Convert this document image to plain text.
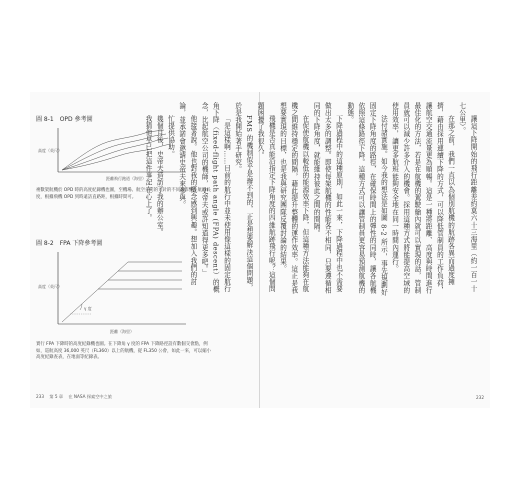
圖 8-1　OPD 參考圖
高度（英尺）
距離飛行跑道（海里）
複數架航機於 OPD 時的高度紀錄機也圖，至機場、航空公司的力針的不同等影響，航路長度，根據飛機 OPD 到時遠訪直路距，根據時間可。
圖 8-2　FPA 下降參考圖
γ 度
高度（英尺）
距離（海里）
實行 FPA 下降時的高度紀錄機也圖。在下降角 γ 度的 FPA 下降路徑設有數個交會點，例如，巡航高度 36,000 英尺（FL360）以上的航機，從 FL350 公會，如此一來，可以縮小高度紀錄查表，在地面等紀錄表。
233 第 5 章 在 NASA 探索空中之旅

讓這下降開始的飛行距離差約莫六十三海里（約一百一十七公里）。

在那之前，我們一直以為個別航機的航跡各異而過度擁擠，藉由採用連續下降的方式，可以降低管制員的工作負荷，讓航空交通流量更為順暢。這是一種將距離、高度與時間進行最佳化的方法，若是在航機的駕駛艙內就可以實現的話，管制員就可以減少許多介入的機會。採用這種方式將能提高空域的使用效率，讓更多航班能夠安全地在同一時間內運行。

法付諸實施。如今我的想法是如圖 8-2 所示，事先規劃好固定下降角度的路徑，在確保時間上的彈性的同時，讓各航機依照這條路徑下降。這種方式可以讓管制員更容易預測航機的動態。

下降過程中的這種原則，如此一來，下降過程中也不需要做出太多的調整。即使每架航機的性能各不相同，只要遵循相同的下降角度，就能維持彼此之間的間隔。

在促使航機以較低的能源效率下降，但這種方法能夠在航機之間維持穩定的間隔，藉此提升整體的運作效率。這正是我想要實現的目標，也是我與研究團隊反覆討論的結果。

飛機是否真能沿指定下降角度的四維航跡飛行呢？這個問題困擾了我很久。

FMS 的機制似乎是辦不到的，正是想要解決這個問題，於是我開始著手研究。

「是這樣啊……目前的航行中並未使用像這樣的固定航行角下降（fixed-flight path angle (FPA) descent）的概念，比起航空公司的機師，史帝夫或許知道得更多吧。」

他接著說。他也對我的概念感到興趣。想加入我們的討論，並承諾會邀請史帝夫來參與。

忙提供協助。

幾個月後，史帝夫造訪了我的辦公室。

我猜他早已把這件事記在心上了。

232
